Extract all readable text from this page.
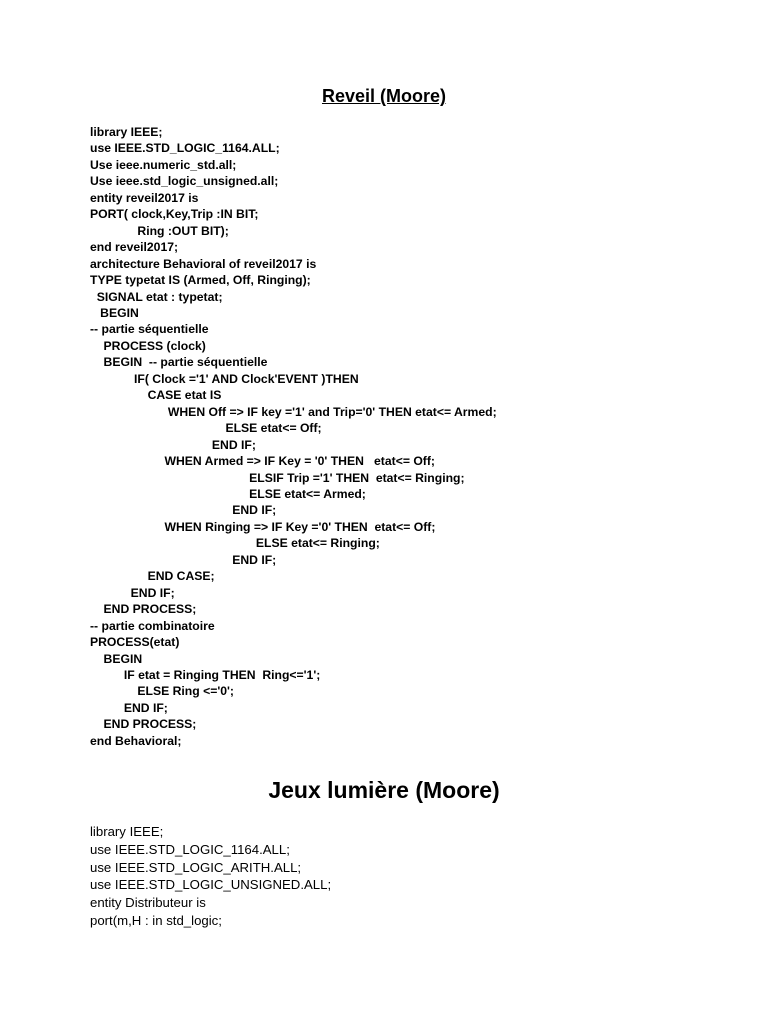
Reveil (Moore)
library IEEE;
use IEEE.STD_LOGIC_1164.ALL;
Use ieee.numeric_std.all;
Use ieee.std_logic_unsigned.all;
entity reveil2017 is
PORT( clock,Key,Trip :IN BIT;
Ring :OUT BIT);
end reveil2017;
architecture Behavioral of reveil2017 is
TYPE typetat IS (Armed, Off, Ringing);
SIGNAL etat : typetat;
BEGIN
-- partie séquentielle
PROCESS (clock)
BEGIN  -- partie séquentielle
IF( Clock ='1' AND Clock'EVENT )THEN
CASE etat IS
WHEN Off => IF key ='1' and Trip='0' THEN etat<= Armed;
ELSE etat<= Off;
END IF;
WHEN Armed => IF Key = '0' THEN   etat<= Off;
ELSIF Trip ='1' THEN  etat<= Ringing;
ELSE etat<= Armed;
END IF;
WHEN Ringing => IF Key ='0' THEN  etat<= Off;
ELSE etat<= Ringing;
END IF;
END CASE;
END IF;
END PROCESS;
-- partie combinatoire
PROCESS(etat)
BEGIN
IF etat = Ringing THEN  Ring<='1';
ELSE Ring <='0';
END IF;
END PROCESS;
end Behavioral;
Jeux lumière (Moore)
library IEEE;
use IEEE.STD_LOGIC_1164.ALL;
use IEEE.STD_LOGIC_ARITH.ALL;
use IEEE.STD_LOGIC_UNSIGNED.ALL;
entity Distributeur is
port(m,H : in std_logic;
